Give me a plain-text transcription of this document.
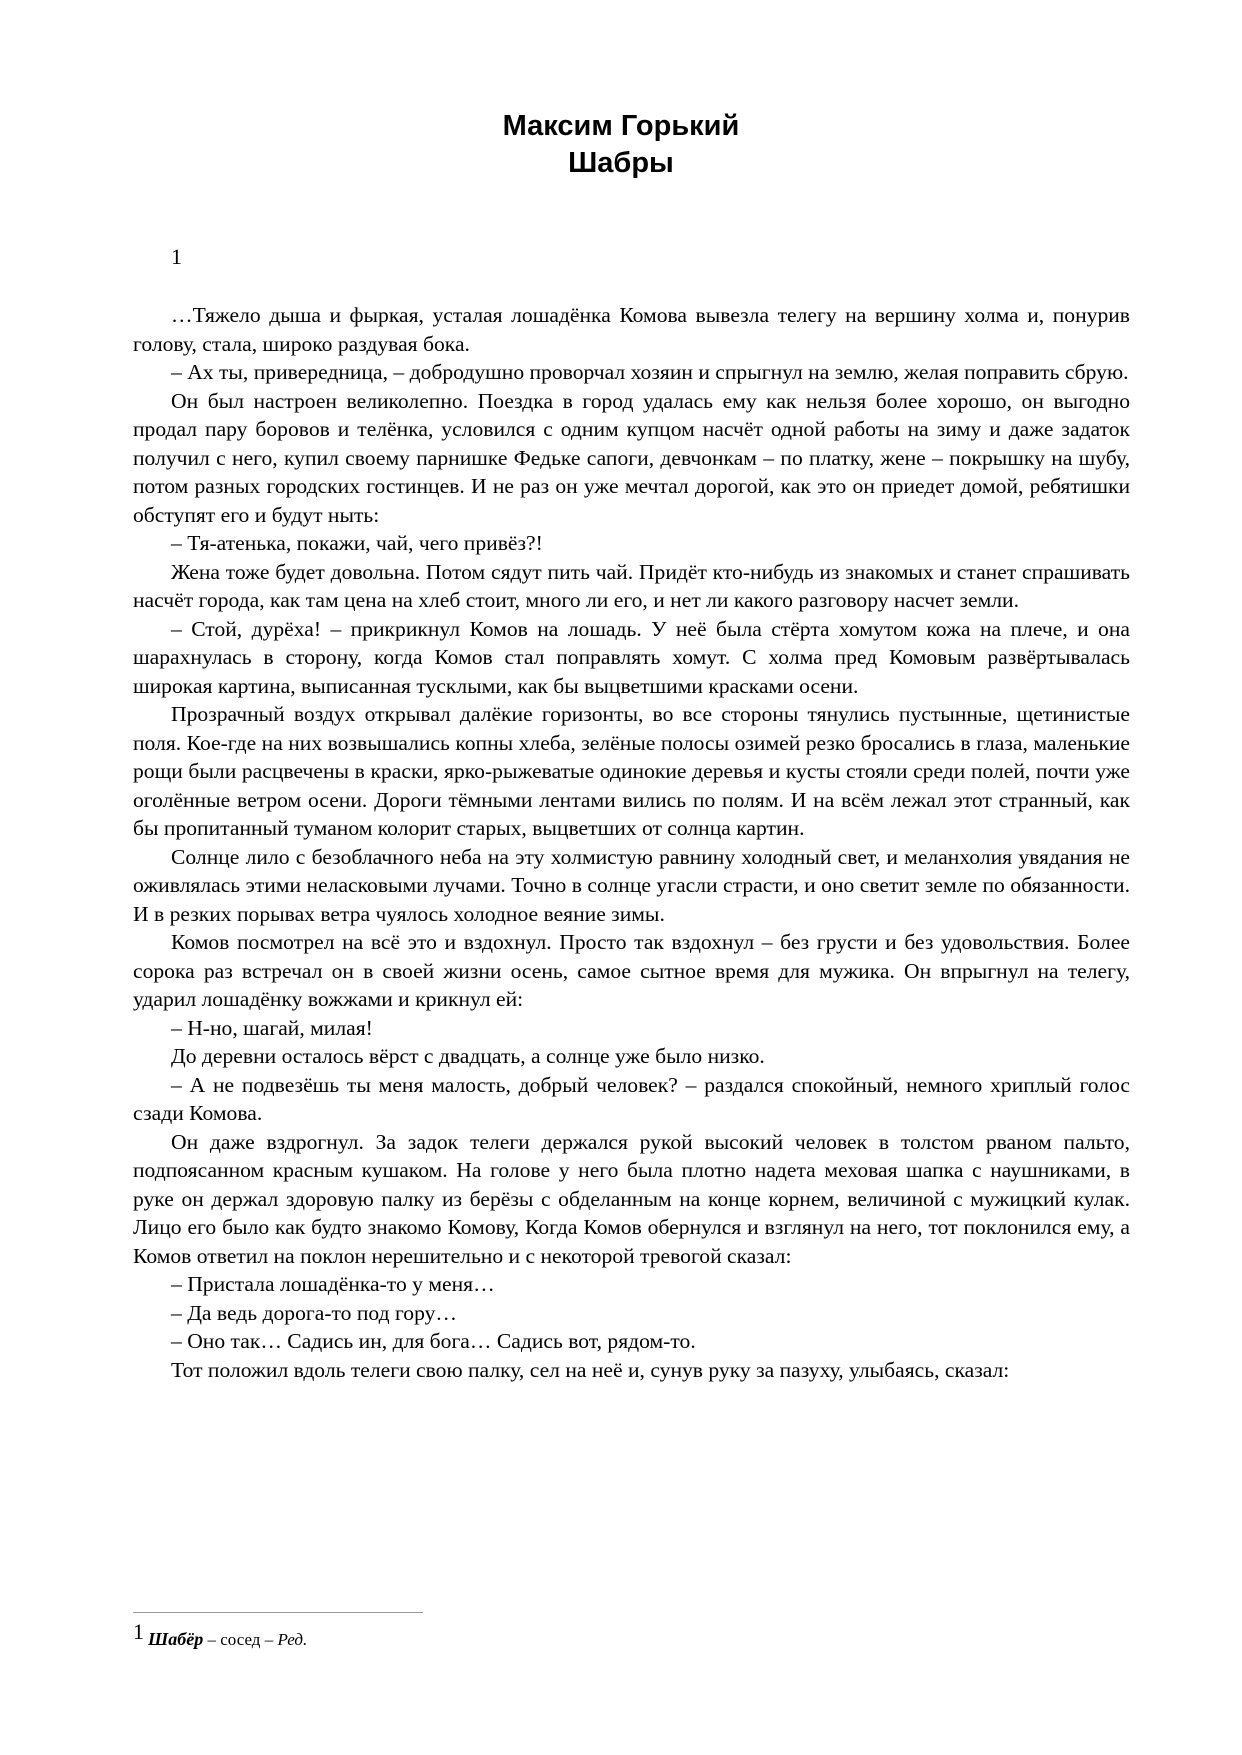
Максим Горький
Шабры
1

…Тяжело дыша и фыркая, усталая лошадёнка Комова вывезла телегу на вершину холма и, понурив голову, стала, широко раздувая бока.

– Ах ты, привередница, – добродушно проворчал хозяин и спрыгнул на землю, желая поправить сбрую.

Он был настроен великолепно. Поездка в город удалась ему как нельзя более хорошо, он выгодно продал пару боровов и телёнка, условился с одним купцом насчёт одной работы на зиму и даже задаток получил с него, купил своему парнишке Федьке сапоги, девчонкам – по платку, жене – покрышку на шубу, потом разных городских гостинцев. И не раз он уже мечтал дорогой, как это он приедет домой, ребятишки обступят его и будут ныть:

– Тя-атенька, покажи, чай, чего привёз?!

Жена тоже будет довольна. Потом сядут пить чай. Придёт кто-нибудь из знакомых и станет спрашивать насчёт города, как там цена на хлеб стоит, много ли его, и нет ли какого разговору насчет земли.

– Стой, дурёха! – прикрикнул Комов на лошадь. У неё была стёрта хомутом кожа на плече, и она шарахнулась в сторону, когда Комов стал поправлять хомут. С холма пред Комовым развёртывалась широкая картина, выписанная тусклыми, как бы выцветшими красками осени.

Прозрачный воздух открывал далёкие горизонты, во все стороны тянулись пустынные, щетинистые поля. Кое-где на них возвышались копны хлеба, зелёные полосы озимей резко бросались в глаза, маленькие рощи были расцвечены в краски, ярко-рыжеватые одинокие деревья и кусты стояли среди полей, почти уже оголённые ветром осени. Дороги тёмными лентами вились по полям. И на всём лежал этот странный, как бы пропитанный туманом колорит старых, выцветших от солнца картин.

Солнце лило с безоблачного неба на эту холмистую равнину холодный свет, и меланхолия увядания не оживлялась этими неласковыми лучами. Точно в солнце угасли страсти, и оно светит земле по обязанности. И в резких порывах ветра чуялось холодное веяние зимы.

Комов посмотрел на всё это и вздохнул. Просто так вздохнул – без грусти и без удовольствия. Более сорока раз встречал он в своей жизни осень, самое сытное время для мужика. Он впрыгнул на телегу, ударил лошадёнку вожжами и крикнул ей:

– Н-но, шагай, милая!

До деревни осталось вёрст с двадцать, а солнце уже было низко.

– А не подвезёшь ты меня малость, добрый человек? – раздался спокойный, немного хриплый голос сзади Комова.

Он даже вздрогнул. За задок телеги держался рукой высокий человек в толстом рваном пальто, подпоясанном красным кушаком. На голове у него была плотно надета меховая шапка с наушниками, в руке он держал здоровую палку из берёзы с обделанным на конце корнем, величиной с мужицкий кулак. Лицо его было как будто знакомо Комову, Когда Комов обернулся и взглянул на него, тот поклонился ему, а Комов ответил на поклон нерешительно и с некоторой тревогой сказал:

– Пристала лошадёнка-то у меня…

– Да ведь дорога-то под гору…

– Оно так… Садись ин, для бога… Садись вот, рядом-то.

Тот положил вдоль телеги свою палку, сел на неё и, сунув руку за пазуху, улыбаясь, сказал:

1 Шабёр – сосед – Ред.
